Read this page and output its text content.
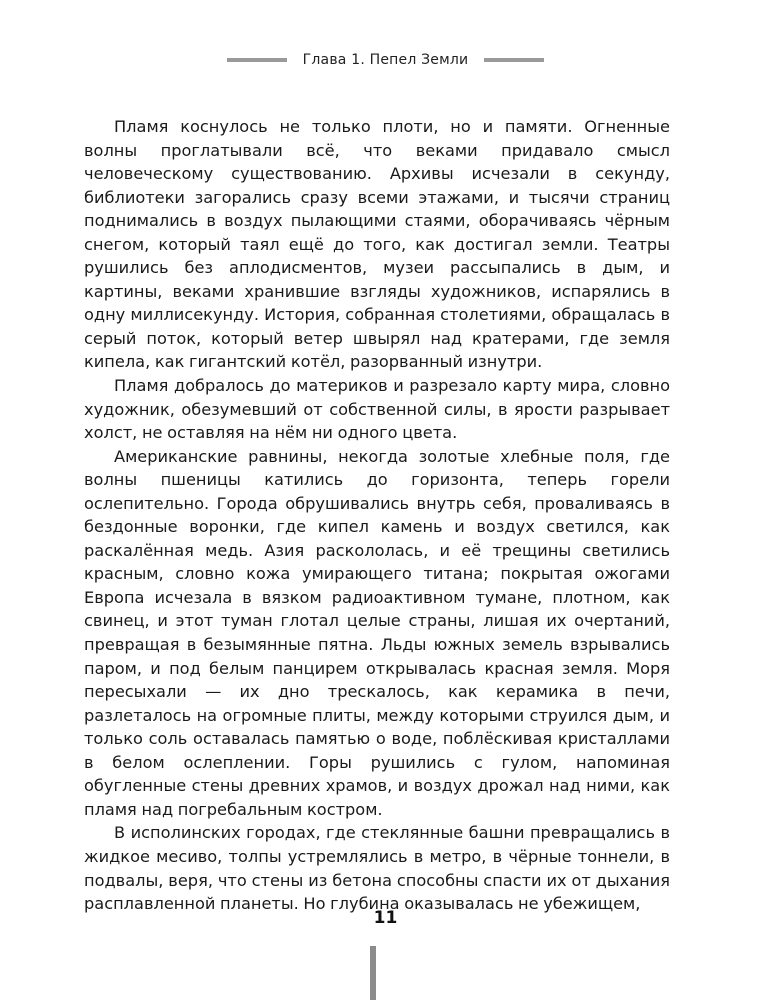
Глава 1. Пепел Земли

Пламя коснулось не только плоти, но и памяти. Огненные волны проглатывали всё, что веками придавало смысл человеческому существованию. Архивы исчезали в секунду, библиотеки загорались сразу всеми этажами, и тысячи страниц поднимались в воздух пылающими стаями, оборачиваясь чёрным снегом, который таял ещё до того, как достигал земли. Театры рушились без аплодисментов, музеи рассыпались в дым, и картины, веками хранившие взгляды художников, испарялись в одну миллисекунду. История, собранная столетиями, обращалась в серый поток, который ветер швырял над кратерами, где земля кипела, как гигантский котёл, разорванный изнутри.

Пламя добралось до материков и разрезало карту мира, словно художник, обезумевший от собственной силы, в ярости разрывает холст, не оставляя на нём ни одного цвета.

Американские равнины, некогда золотые хлебные поля, где волны пшеницы катились до горизонта, теперь горели ослепительно. Города обрушивались внутрь себя, проваливаясь в бездонные воронки, где кипел камень и воздух светился, как раскалённая медь. Азия раскололась, и её трещины светились красным, словно кожа умирающего титана; покрытая ожогами Европа исчезала в вязком радиоактивном тумане, плотном, как свинец, и этот туман глотал целые страны, лишая их очертаний, превращая в безымянные пятна. Льды южных земель взрывались паром, и под белым панцирем открывалась красная земля. Моря пересыхали — их дно трескалось, как керамика в печи, разлеталось на огромные плиты, между которыми струился дым, и только соль оставалась памятью о воде, поблёскивая кристаллами в белом ослеплении. Горы рушились с гулом, напоминая обугленные стены древних храмов, и воздух дрожал над ними, как пламя над погребальным костром.

В исполинских городах, где стеклянные башни превращались в жидкое месиво, толпы устремлялись в метро, в чёрные тоннели, в подвалы, веря, что стены из бетона способны спасти их от дыхания расплавленной планеты. Но глубина оказывалась не убежищем,

11
